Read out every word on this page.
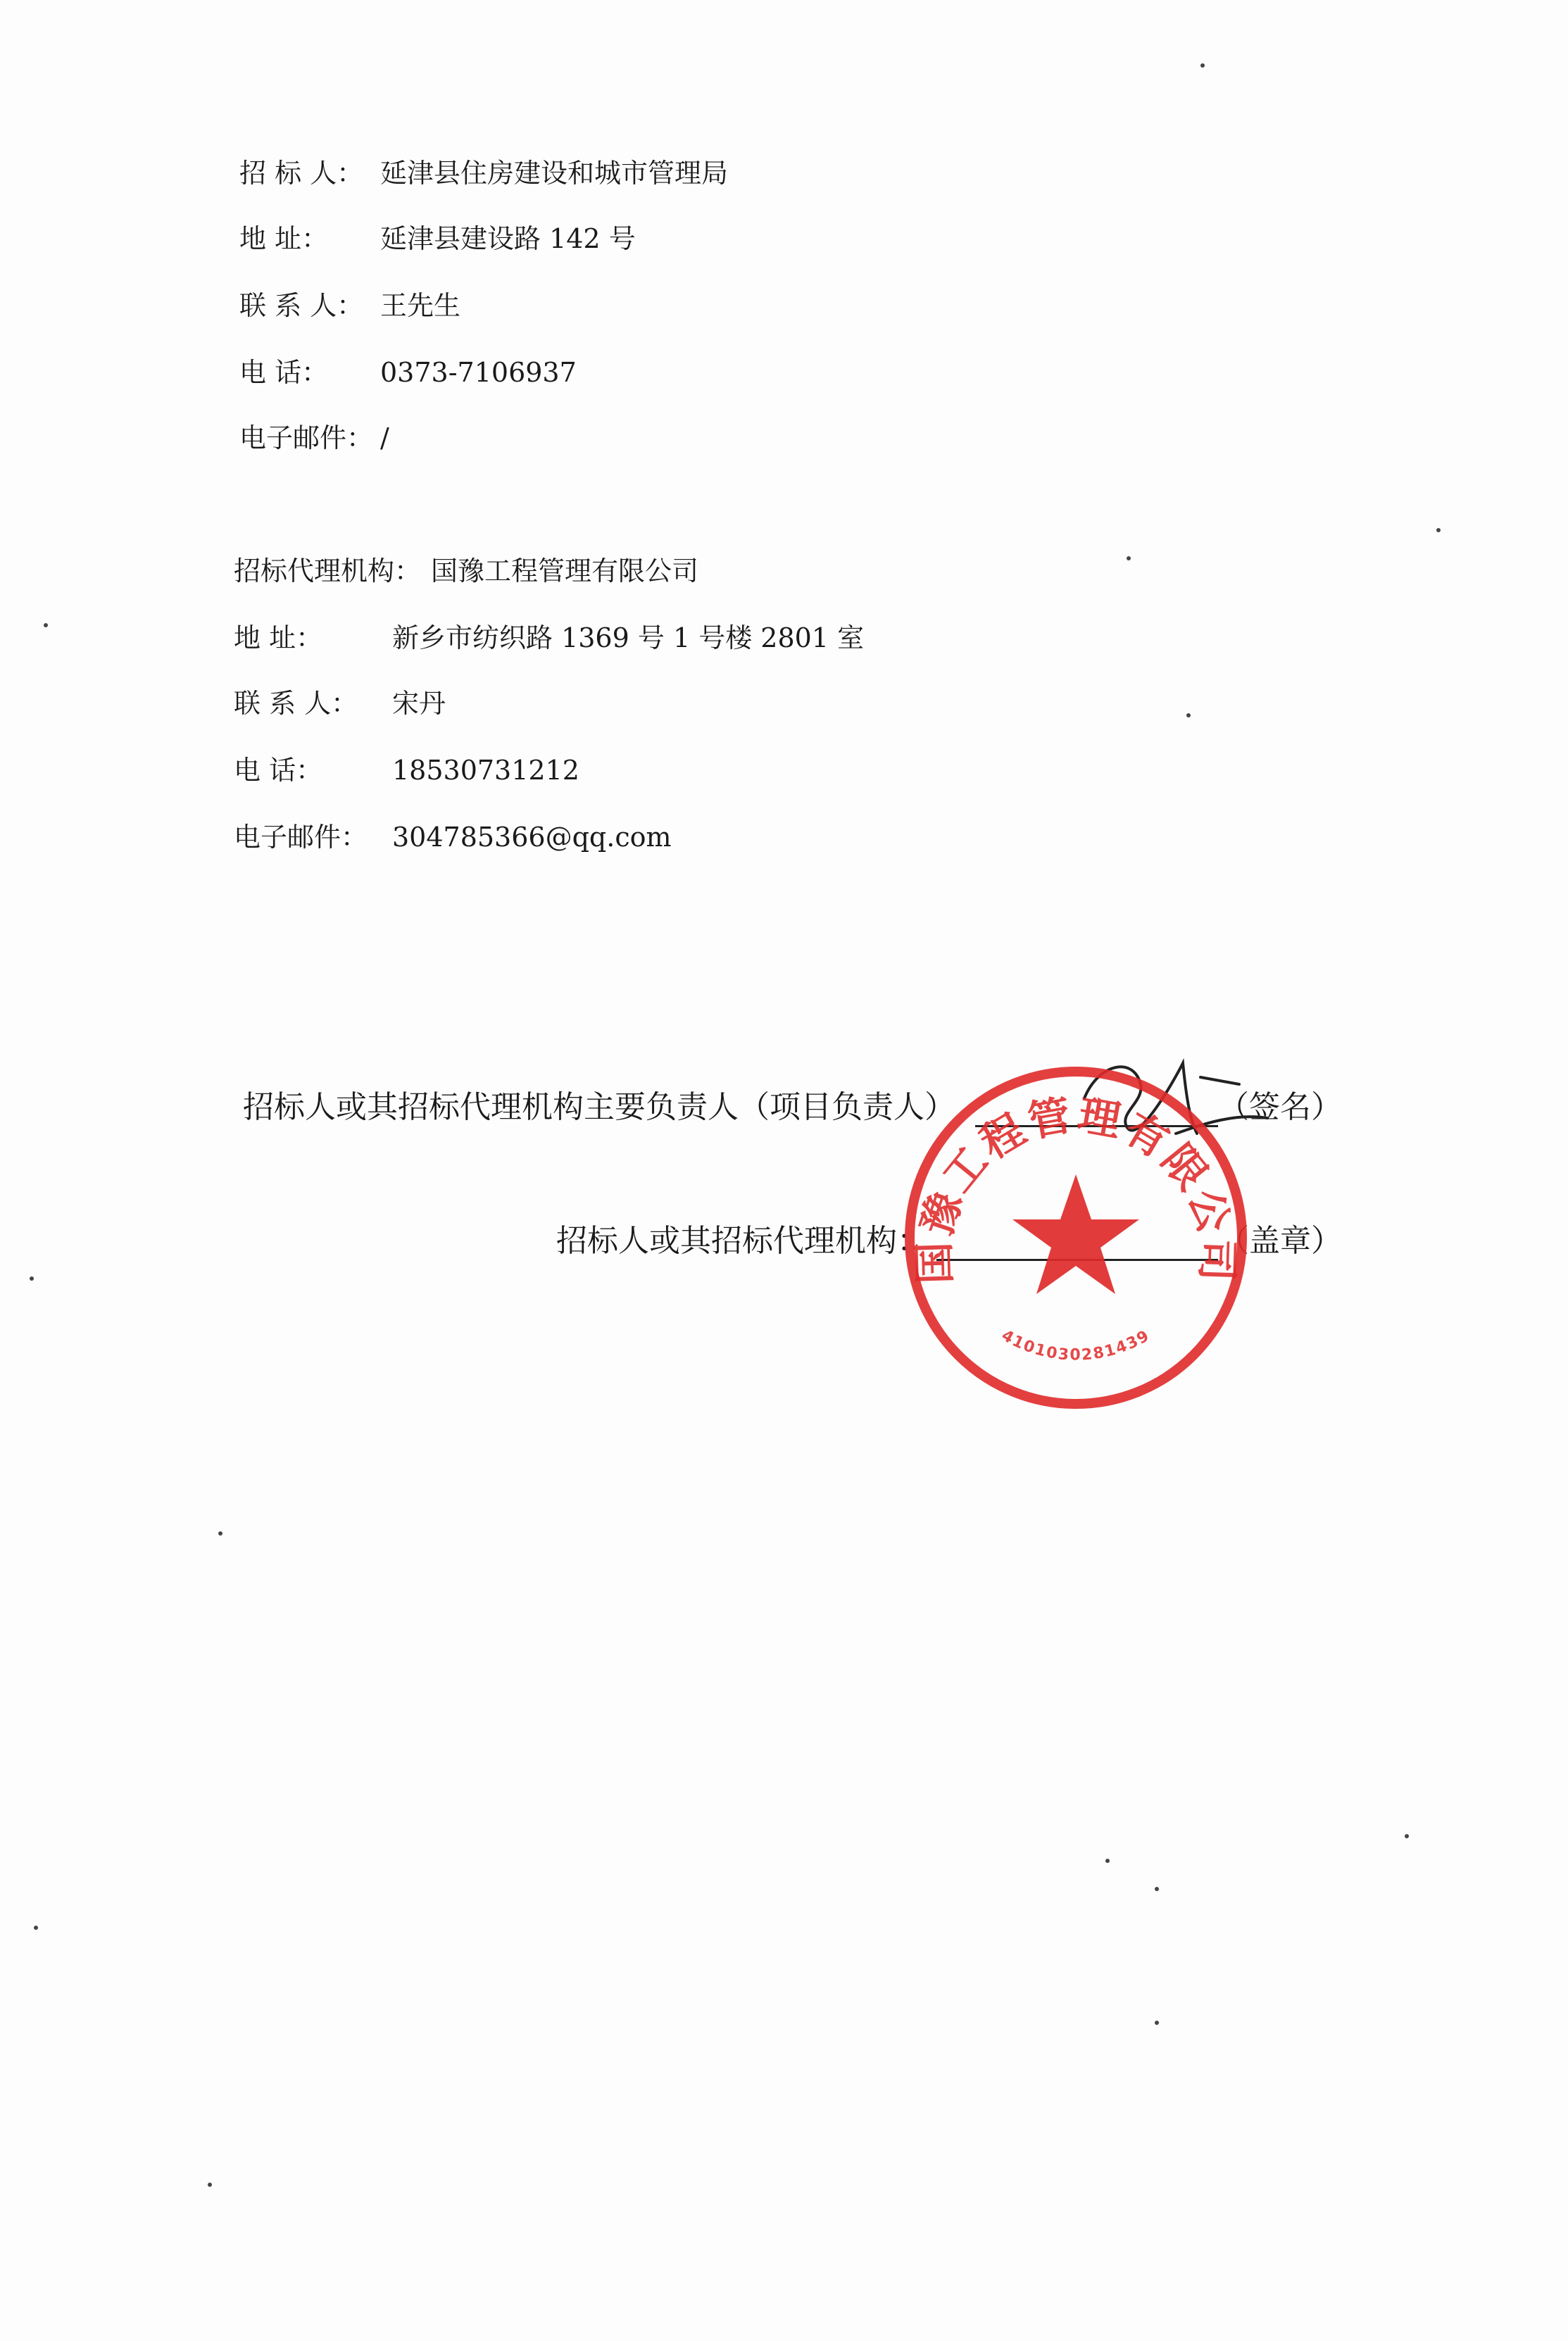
招 标 人： 延津县住房建设和城市管理局
地 址： 延津县建设路 142 号
联 系 人： 王先生
电 话： 0373-7106937
电子邮件： /
招标代理机构： 国豫工程管理有限公司
地 址：	新乡市纺织路 1369 号 1 号楼 2801 室
联 系 人： 宋丹
电 话：	18530731212
电子邮件： 304785366@qq.com
招标人或其招标代理机构主要负责人（项目负责人）	（签名）
招标人或其招标代理机构：	（盖章）
国豫工程管理有限公司
4101030281439
